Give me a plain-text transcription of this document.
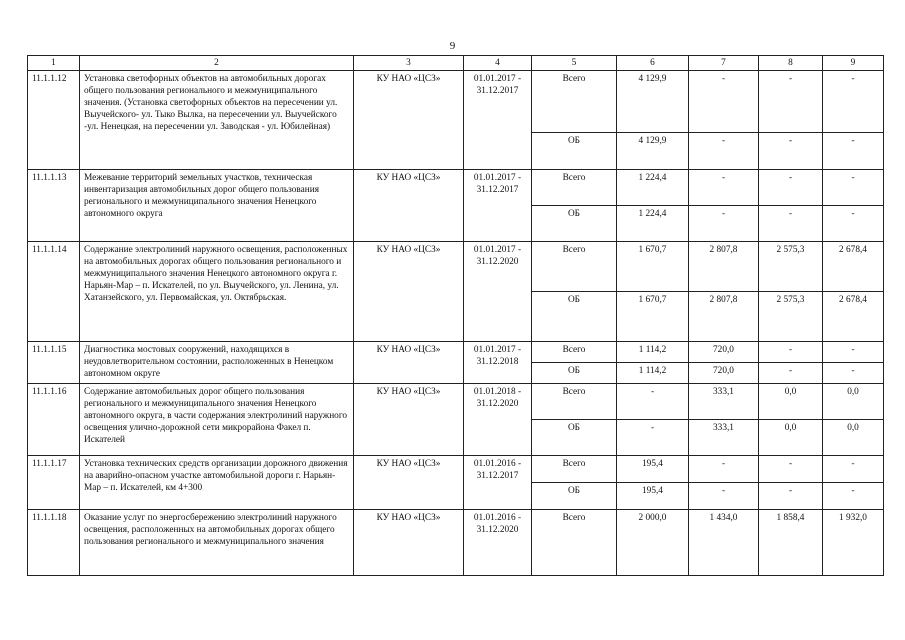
9
1	2	3	4	5	6	7	8	9
11.1.1.12	Установка светофорных объектов на автомобильных дорогах общего пользования регионального и межмуниципального значения. (Установка светофорных объектов на пересечении ул. Выучейского- ул. Тыко Вылка, на пересечении ул. Выучейского -ул. Ненецкая, на пересечении ул. Заводская - ул. Юбилейная)	КУ НАО «ЦСЗ»	01.01.2017 - 31.12.2017	Всего	4 129,9	-	-	-
				ОБ	4 129,9	-	-	-
11.1.1.13	Межевание территорий земельных участков, техническая инвентаризация автомобильных дорог общего пользования регионального и межмуниципального значения Ненецкого автономного округа	КУ НАО «ЦСЗ»	01.01.2017 - 31.12.2017	Всего	1 224,4	-	-	-
				ОБ	1 224,4	-	-	-
11.1.1.14	Содержание электролиний наружного освещения, расположенных на автомобильных дорогах общего пользования регионального и межмуниципального значения Ненецкого автономного округа г. Нарьян-Мар – п. Искателей, по ул. Выучейского, ул. Ленина, ул. Хатанзейского, ул. Первомайская, ул. Октябрьская.	КУ НАО «ЦСЗ»	01.01.2017 - 31.12.2020	Всего	1 670,7	2 807,8	2 575,3	2 678,4
				ОБ	1 670,7	2 807,8	2 575,3	2 678,4
11.1.1.15	Диагностика мостовых сооружений, находящихся в неудовлетворительном состоянии, расположенных в Ненецком автономном округе	КУ НАО «ЦСЗ»	01.01.2017 - 31.12.2018	Всего	1 114,2	720,0	-	-
				ОБ	1 114,2	720,0	-	-
11.1.1.16	Содержание автомобильных дорог общего пользования регионального и межмуниципального значения Ненецкого автономного округа, в части содержания электролиний наружного освещения улично-дорожной сети микрорайона Факел п. Искателей	КУ НАО «ЦСЗ»	01.01.2018 - 31.12.2020	Всего	-	333,1	0,0	0,0
				ОБ	-	333,1	0,0	0,0
11.1.1.17	Установка технических средств организации дорожного движения на аварийно-опасном участке автомобильной дороги г. Нарьян-Мар – п. Искателей, км 4+300	КУ НАО «ЦСЗ»	01.01.2016 - 31.12.2017	Всего	195,4	-	-	-
				ОБ	195,4	-	-	-
11.1.1.18	Оказание услуг по энергосбережению электролиний наружного освещения, расположенных на автомобильных дорогах общего пользования регионального и межмуниципального значения	КУ НАО «ЦСЗ»	01.01.2016 - 31.12.2020	Всего	2 000,0	1 434,0	1 858,4	1 932,0
